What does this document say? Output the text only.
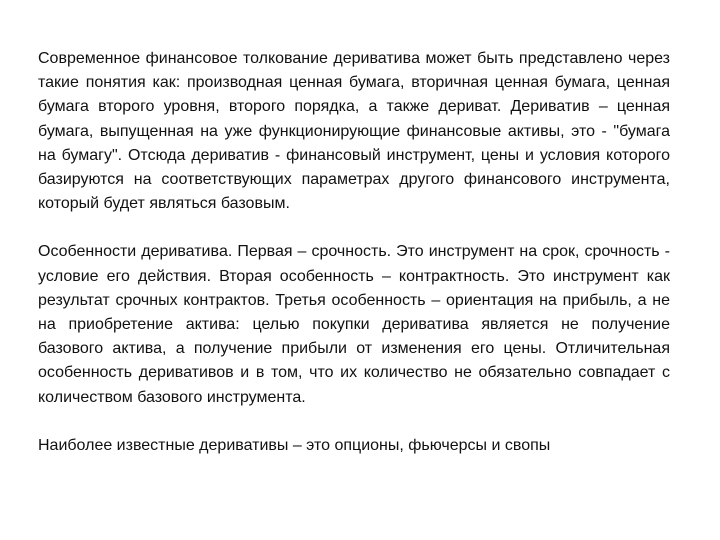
Современное финансовое толкование деривативa может быть представлено через такие понятия как: производная ценная бумага, вторичная ценная бумага, ценная бумага второго уровня, второго порядка, а также дериват. Дериватив – ценная бумага, выпущенная на уже функционирующие финансовые активы, это - "бумага на бумагу". Отсюда дериватив - финансовый инструмент, цены и условия которого базируются на соответствующих параметрах другого финансового инструмента, который будет являться базовым.

Особенности деривативa. Первая – срочность. Это инструмент на срок, срочность - условие его действия. Вторая особенность – контрактность. Это инструмент как результат срочных контрактов. Третья особенность – ориентация на прибыль, а не на приобретение актива: целью покупки дериватива является не получение базового актива, а получение прибыли от изменения его цены. Отличительная особенность деривативов и в том, что их количество не обязательно совпадает с количеством базового инструмента.

Наиболее известные деривативы – это опционы, фьючерсы и свопы
